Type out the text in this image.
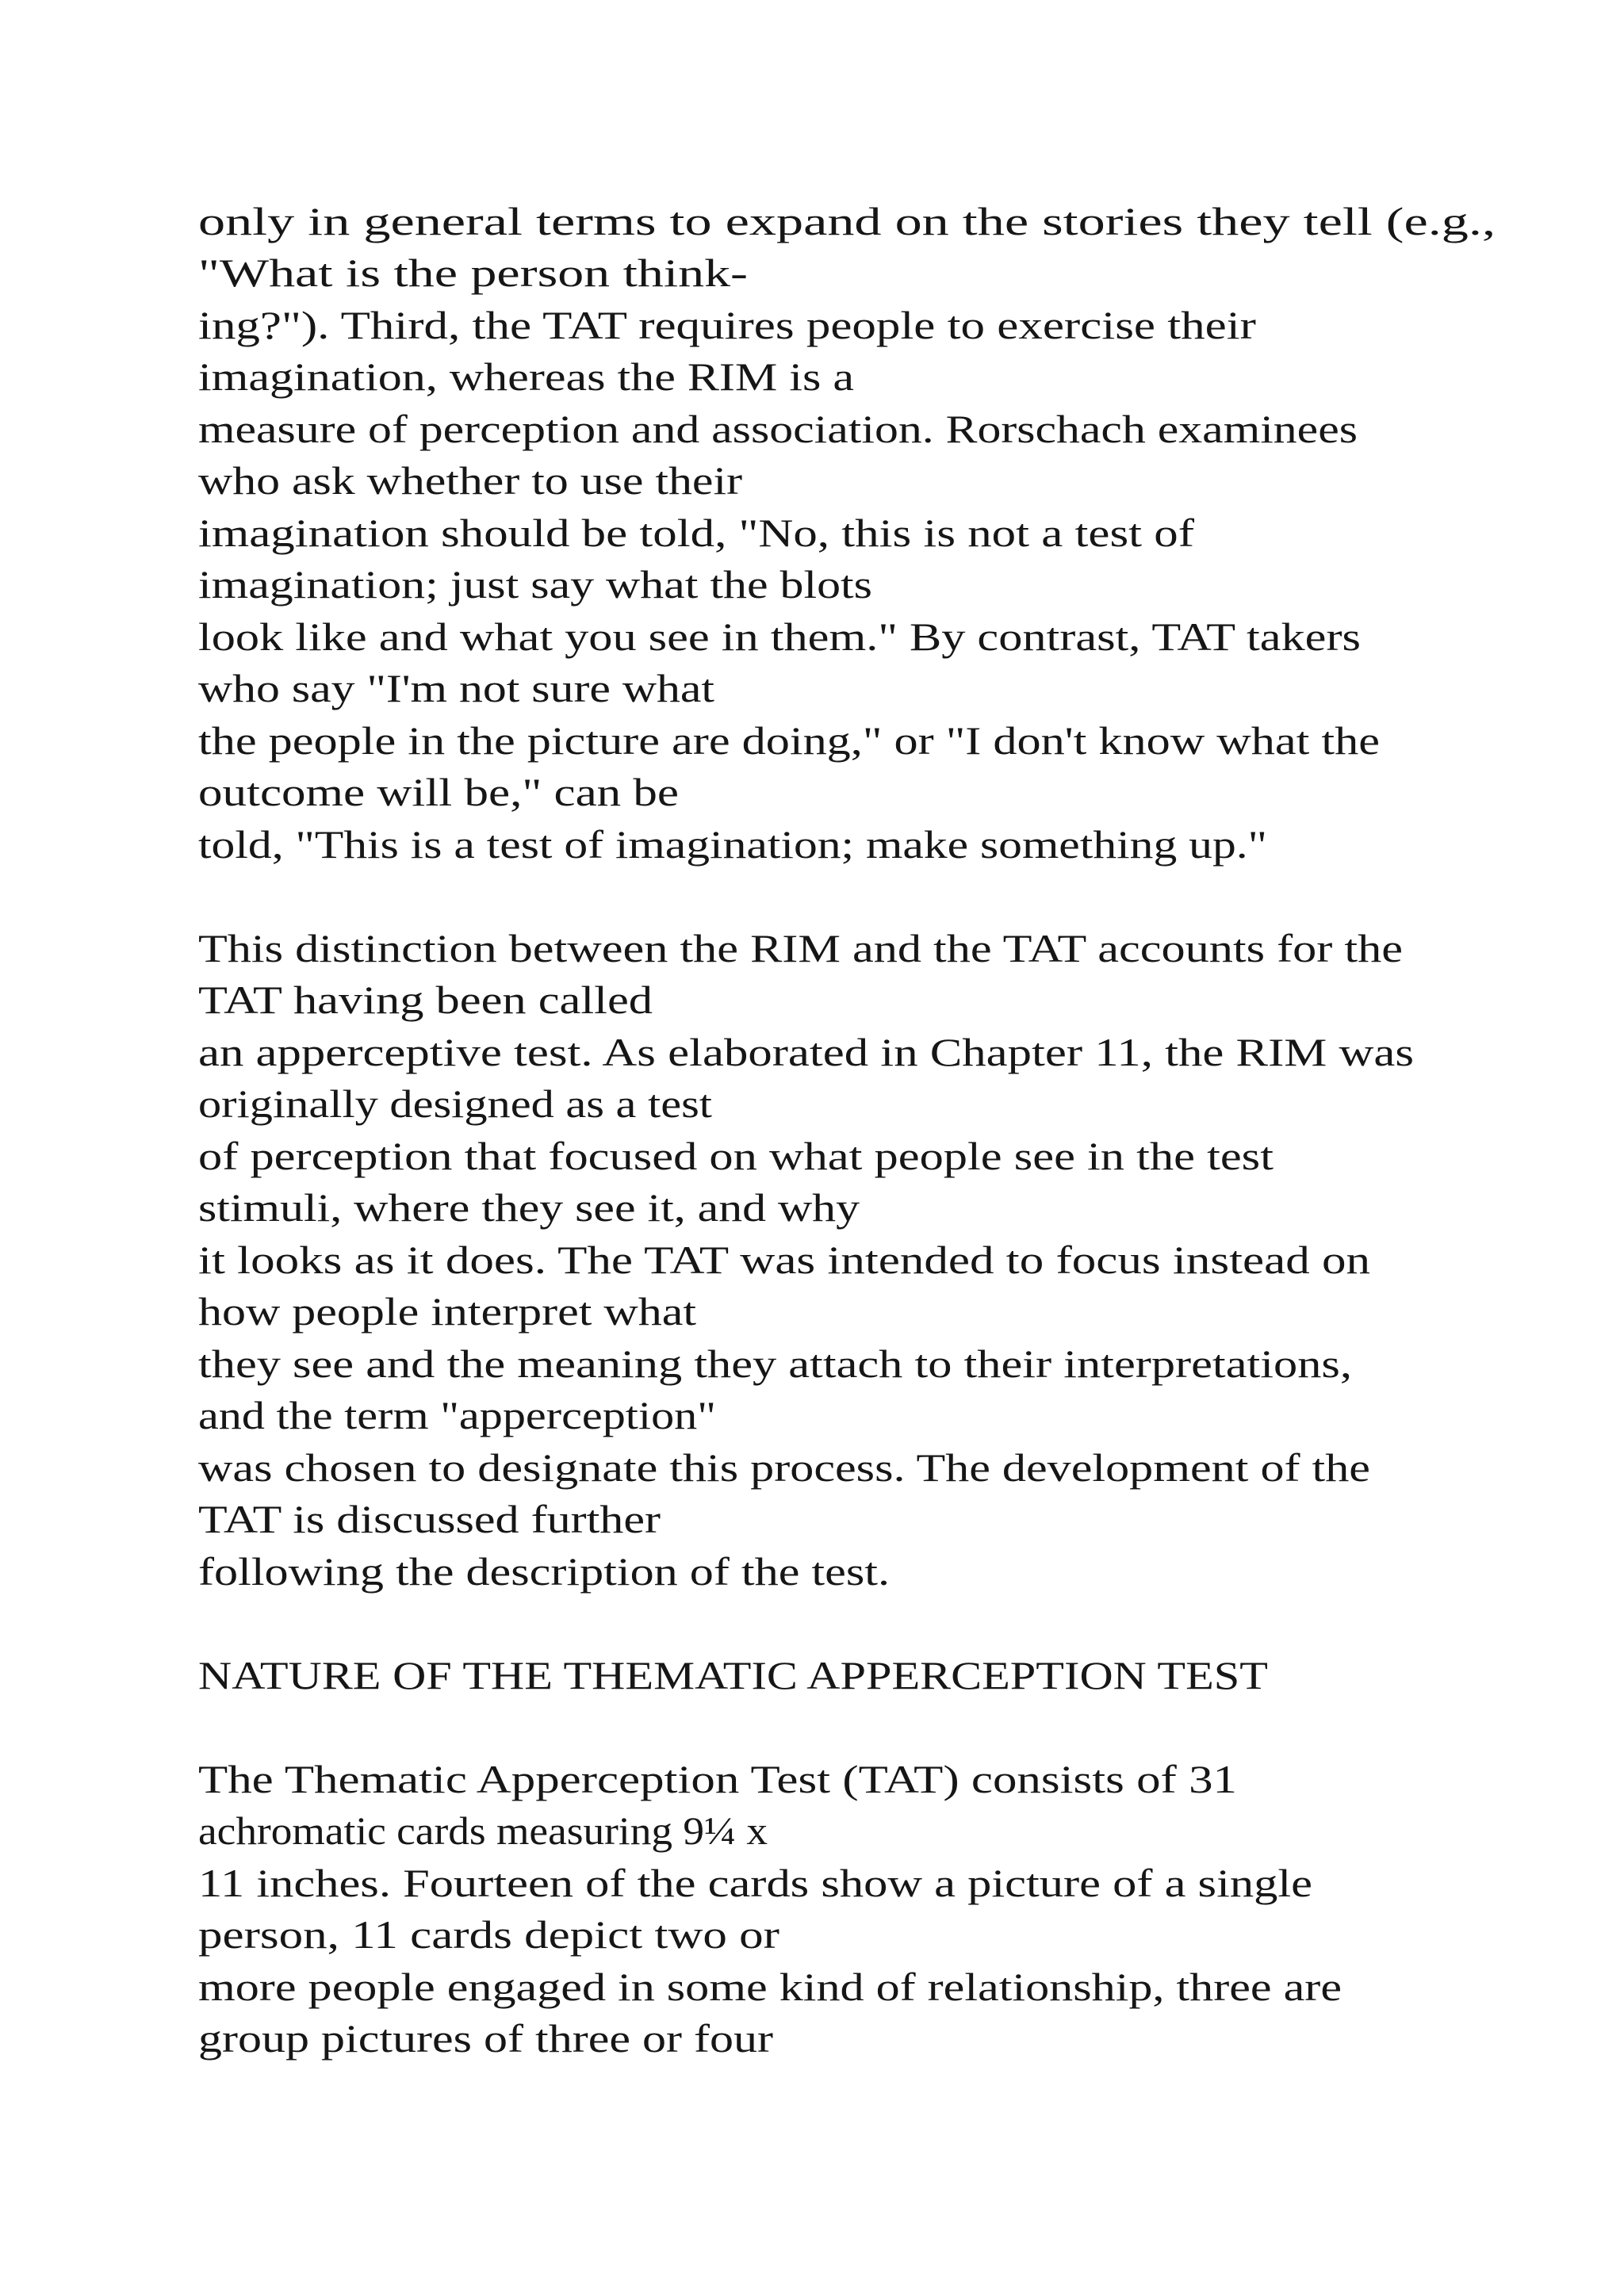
only in general terms to expand on the stories they tell (e.g.,
"What is the person think-
ing?"). Third, the TAT requires people to exercise their
imagination, whereas the RIM is a
measure of perception and association. Rorschach examinees
who ask whether to use their
imagination should be told, "No, this is not a test of
imagination; just say what the blots
look like and what you see in them." By contrast, TAT takers
who say "I'm not sure what
the people in the picture are doing," or "I don't know what the
outcome will be," can be
told, "This is a test of imagination; make something up."
This distinction between the RIM and the TAT accounts for the
TAT having been called
an apperceptive test. As elaborated in Chapter 11, the RIM was
originally designed as a test
of perception that focused on what people see in the test
stimuli, where they see it, and why
it looks as it does. The TAT was intended to focus instead on
how people interpret what
they see and the meaning they attach to their interpretations,
and the term "apperception"
was chosen to designate this process. The development of the
TAT is discussed further
following the description of the test.
NATURE OF THE THEMATIC APPERCEPTION TEST
The Thematic Apperception Test (TAT) consists of 31
achromatic cards measuring 9¼ x
11 inches. Fourteen of the cards show a picture of a single
person, 11 cards depict two or
more people engaged in some kind of relationship, three are
group pictures of three or four
